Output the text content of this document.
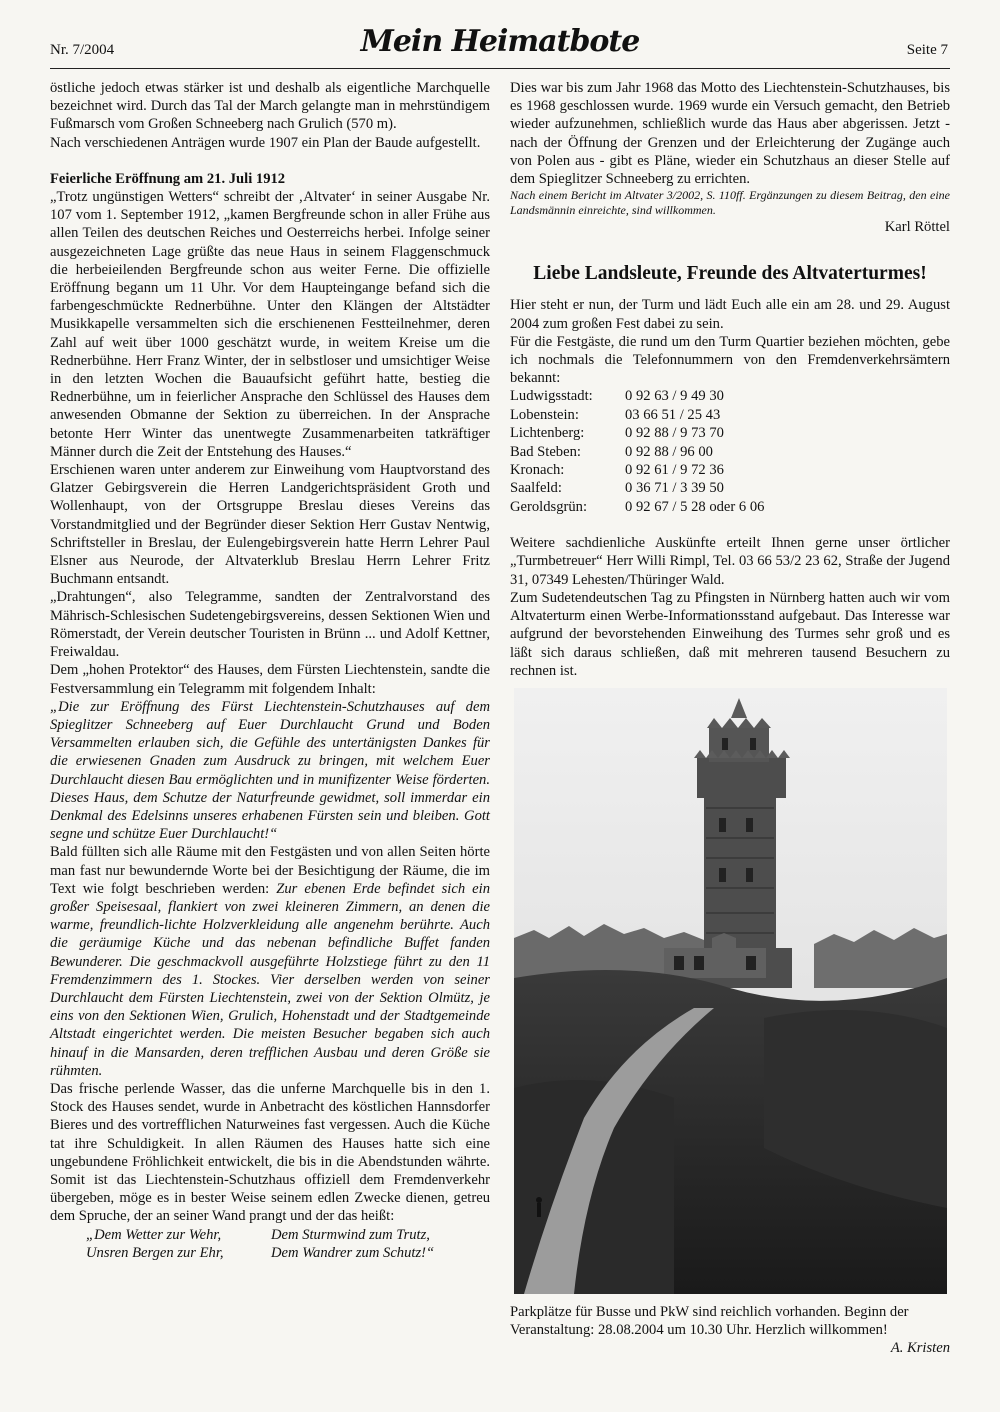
Nr. 7/2004	Mein Heimatbote	Seite 7

östliche jedoch etwas stärker ist und deshalb als eigentliche Marchquelle bezeichnet wird. Durch das Tal der March gelangte man in mehrstündigem Fußmarsch vom Großen Schneeberg nach Grulich (570 m).

Nach verschiedenen Anträgen wurde 1907 ein Plan der Baude aufgestellt.

Feierliche Eröffnung am 21. Juli 1912

„Trotz ungünstigen Wetters“ schreibt der ‚Altvater‘ in seiner Ausgabe Nr. 107 vom 1. September 1912, „kamen Bergfreunde schon in aller Frühe aus allen Teilen des deutschen Reiches und Oesterreichs herbei. Infolge seiner ausgezeichneten Lage grüßte das neue Haus in seinem Flaggenschmuck die herbeieilenden Bergfreunde schon aus weiter Ferne. Die offizielle Eröffnung begann um 11 Uhr. Vor dem Haupteingange befand sich die farbengeschmückte Rednerbühne. Unter den Klängen der Altstädter Musikkapelle versammelten sich die erschienenen Festteilnehmer, deren Zahl auf weit über 1000 geschätzt wurde, in weitem Kreise um die Rednerbühne. Herr Franz Winter, der in selbstloser und umsichtiger Weise in den letzten Wochen die Bauaufsicht geführt hatte, bestieg die Rednerbühne, um in feierlicher Ansprache den Schlüssel des Hauses dem anwesenden Obmanne der Sektion zu überreichen. In der Ansprache betonte Herr Winter das unentwegte Zusammenarbeiten tatkräftiger Männer durch die Zeit der Entstehung des Hauses.“

Erschienen waren unter anderem zur Einweihung vom Hauptvorstand des Glatzer Gebirgsverein die Herren Landgerichtspräsident Groth und Wollenhaupt, von der Ortsgruppe Breslau dieses Vereins das Vorstandmitglied und der Begründer dieser Sektion Herr Gustav Nentwig, Schriftsteller in Breslau, der Eulengebirgsverein hatte Herrn Lehrer Paul Elsner aus Neurode, der Altvaterklub Breslau Herrn Lehrer Fritz Buchmann entsandt.

„Drahtungen“, also Telegramme, sandten der Zentralvorstand des Mährisch-Schlesischen Sudetengebirgsvereins, dessen Sektionen Wien und Römerstadt, der Verein deutscher Touristen in Brünn ... und Adolf Kettner, Freiwaldau.

Dem „hohen Protektor“ des Hauses, dem Fürsten Liechtenstein, sandte die Festversammlung ein Telegramm mit folgendem Inhalt:

„Die zur Eröffnung des Fürst Liechtenstein-Schutzhauses auf dem Spieglitzer Schneeberg auf Euer Durchlaucht Grund und Boden Versammelten erlauben sich, die Gefühle des untertänigsten Dankes für die erwiesenen Gnaden zum Ausdruck zu bringen, mit welchem Euer Durchlaucht diesen Bau ermöglichten und in munifizenter Weise förderten. Dieses Haus, dem Schutze der Naturfreunde gewidmet, soll immerdar ein Denkmal des Edelsinns unseres erhabenen Fürsten sein und bleiben. Gott segne und schütze Euer Durchlaucht!“

Bald füllten sich alle Räume mit den Festgästen und von allen Seiten hörte man fast nur bewundernde Worte bei der Besichtigung der Räume, die im Text wie folgt beschrieben werden: Zur ebenen Erde befindet sich ein großer Speisesaal, flankiert von zwei kleineren Zimmern, an denen die warme, freundlich-lichte Holzverkleidung alle angenehm berührte. Auch die geräumige Küche und das nebenan befindliche Buffet fanden Bewunderer. Die geschmackvoll ausgeführte Holzstiege führt zu den 11 Fremdenzimmern des 1. Stockes. Vier derselben werden von seiner Durchlaucht dem Fürsten Liechtenstein, zwei von der Sektion Olmütz, je eins von den Sektionen Wien, Grulich, Hohenstadt und der Stadtgemeinde Altstadt eingerichtet werden. Die meisten Besucher begaben sich auch hinauf in die Mansarden, deren trefflichen Ausbau und deren Größe sie rühmten.

Das frische perlende Wasser, das die unferne Marchquelle bis in den 1. Stock des Hauses sendet, wurde in Anbetracht des köstlichen Hannsdorfer Bieres und des vortrefflichen Naturweines fast vergessen. Auch die Küche tat ihre Schuldigkeit. In allen Räumen des Hauses hatte sich eine ungebundene Fröhlichkeit entwickelt, die bis in die Abendstunden währte. Somit ist das Liechtenstein-Schutzhaus offiziell dem Fremdenverkehr übergeben, möge es in bester Weise seinem edlen Zwecke dienen, getreu dem Spruche, der an seiner Wand prangt und der das heißt:

„Dem Wetter zur Wehr,	Dem Sturmwind zum Trutz,
Unsren Bergen zur Ehr,	Dem Wandrer zum Schutz!“

Dies war bis zum Jahr 1968 das Motto des Liechtenstein-Schutzhauses, bis es 1968 geschlossen wurde. 1969 wurde ein Versuch gemacht, den Betrieb wieder aufzunehmen, schließlich wurde das Haus aber abgerissen. Jetzt - nach der Öffnung der Grenzen und der Erleichterung der Zugänge auch von Polen aus - gibt es Pläne, wieder ein Schutzhaus an dieser Stelle auf dem Spieglitzer Schneeberg zu errichten.

Nach einem Bericht im Altvater 3/2002, S. 110ff. Ergänzungen zu diesem Beitrag, den eine Landsmännin einreichte, sind willkommen.

Karl Röttel

Liebe Landsleute, Freunde des Altvaterturmes!

Hier steht er nun, der Turm und lädt Euch alle ein am 28. und 29. August 2004 zum großen Fest dabei zu sein.

Für die Festgäste, die rund um den Turm Quartier beziehen möchten, gebe ich nochmals die Telefonnummern von den Fremdenverkehrsämtern bekannt:

Ludwigsstadt:	0 92 63 / 9 49 30
Lobenstein:	03 66 51 / 25 43
Lichtenberg:	0 92 88 / 9 73 70
Bad Steben:	0 92 88 / 96 00
Kronach:	0 92 61 / 9 72 36
Saalfeld:	0 36 71 / 3 39 50
Geroldsgrün:	0 92 67 / 5 28 oder 6 06

Weitere sachdienliche Auskünfte erteilt Ihnen gerne unser örtlicher „Turmbetreuer“ Herr Willi Rimpl, Tel. 03 66 53/2 23 62, Straße der Jugend 31, 07349 Lehesten/Thüringer Wald.

Zum Sudetendeutschen Tag zu Pfingsten in Nürnberg hatten auch wir vom Altvaterturm einen Werbe-Informationsstand aufgebaut. Das Interesse war aufgrund der bevorstehenden Einweihung des Turmes sehr groß und es läßt sich daraus schließen, daß mit mehreren tausend Besuchern zu rechnen ist.

Parkplätze für Busse und PkW sind reichlich vorhanden. Beginn der Veranstaltung: 28.08.2004 um 10.30 Uhr. Herzlich willkommen!

A. Kristen
